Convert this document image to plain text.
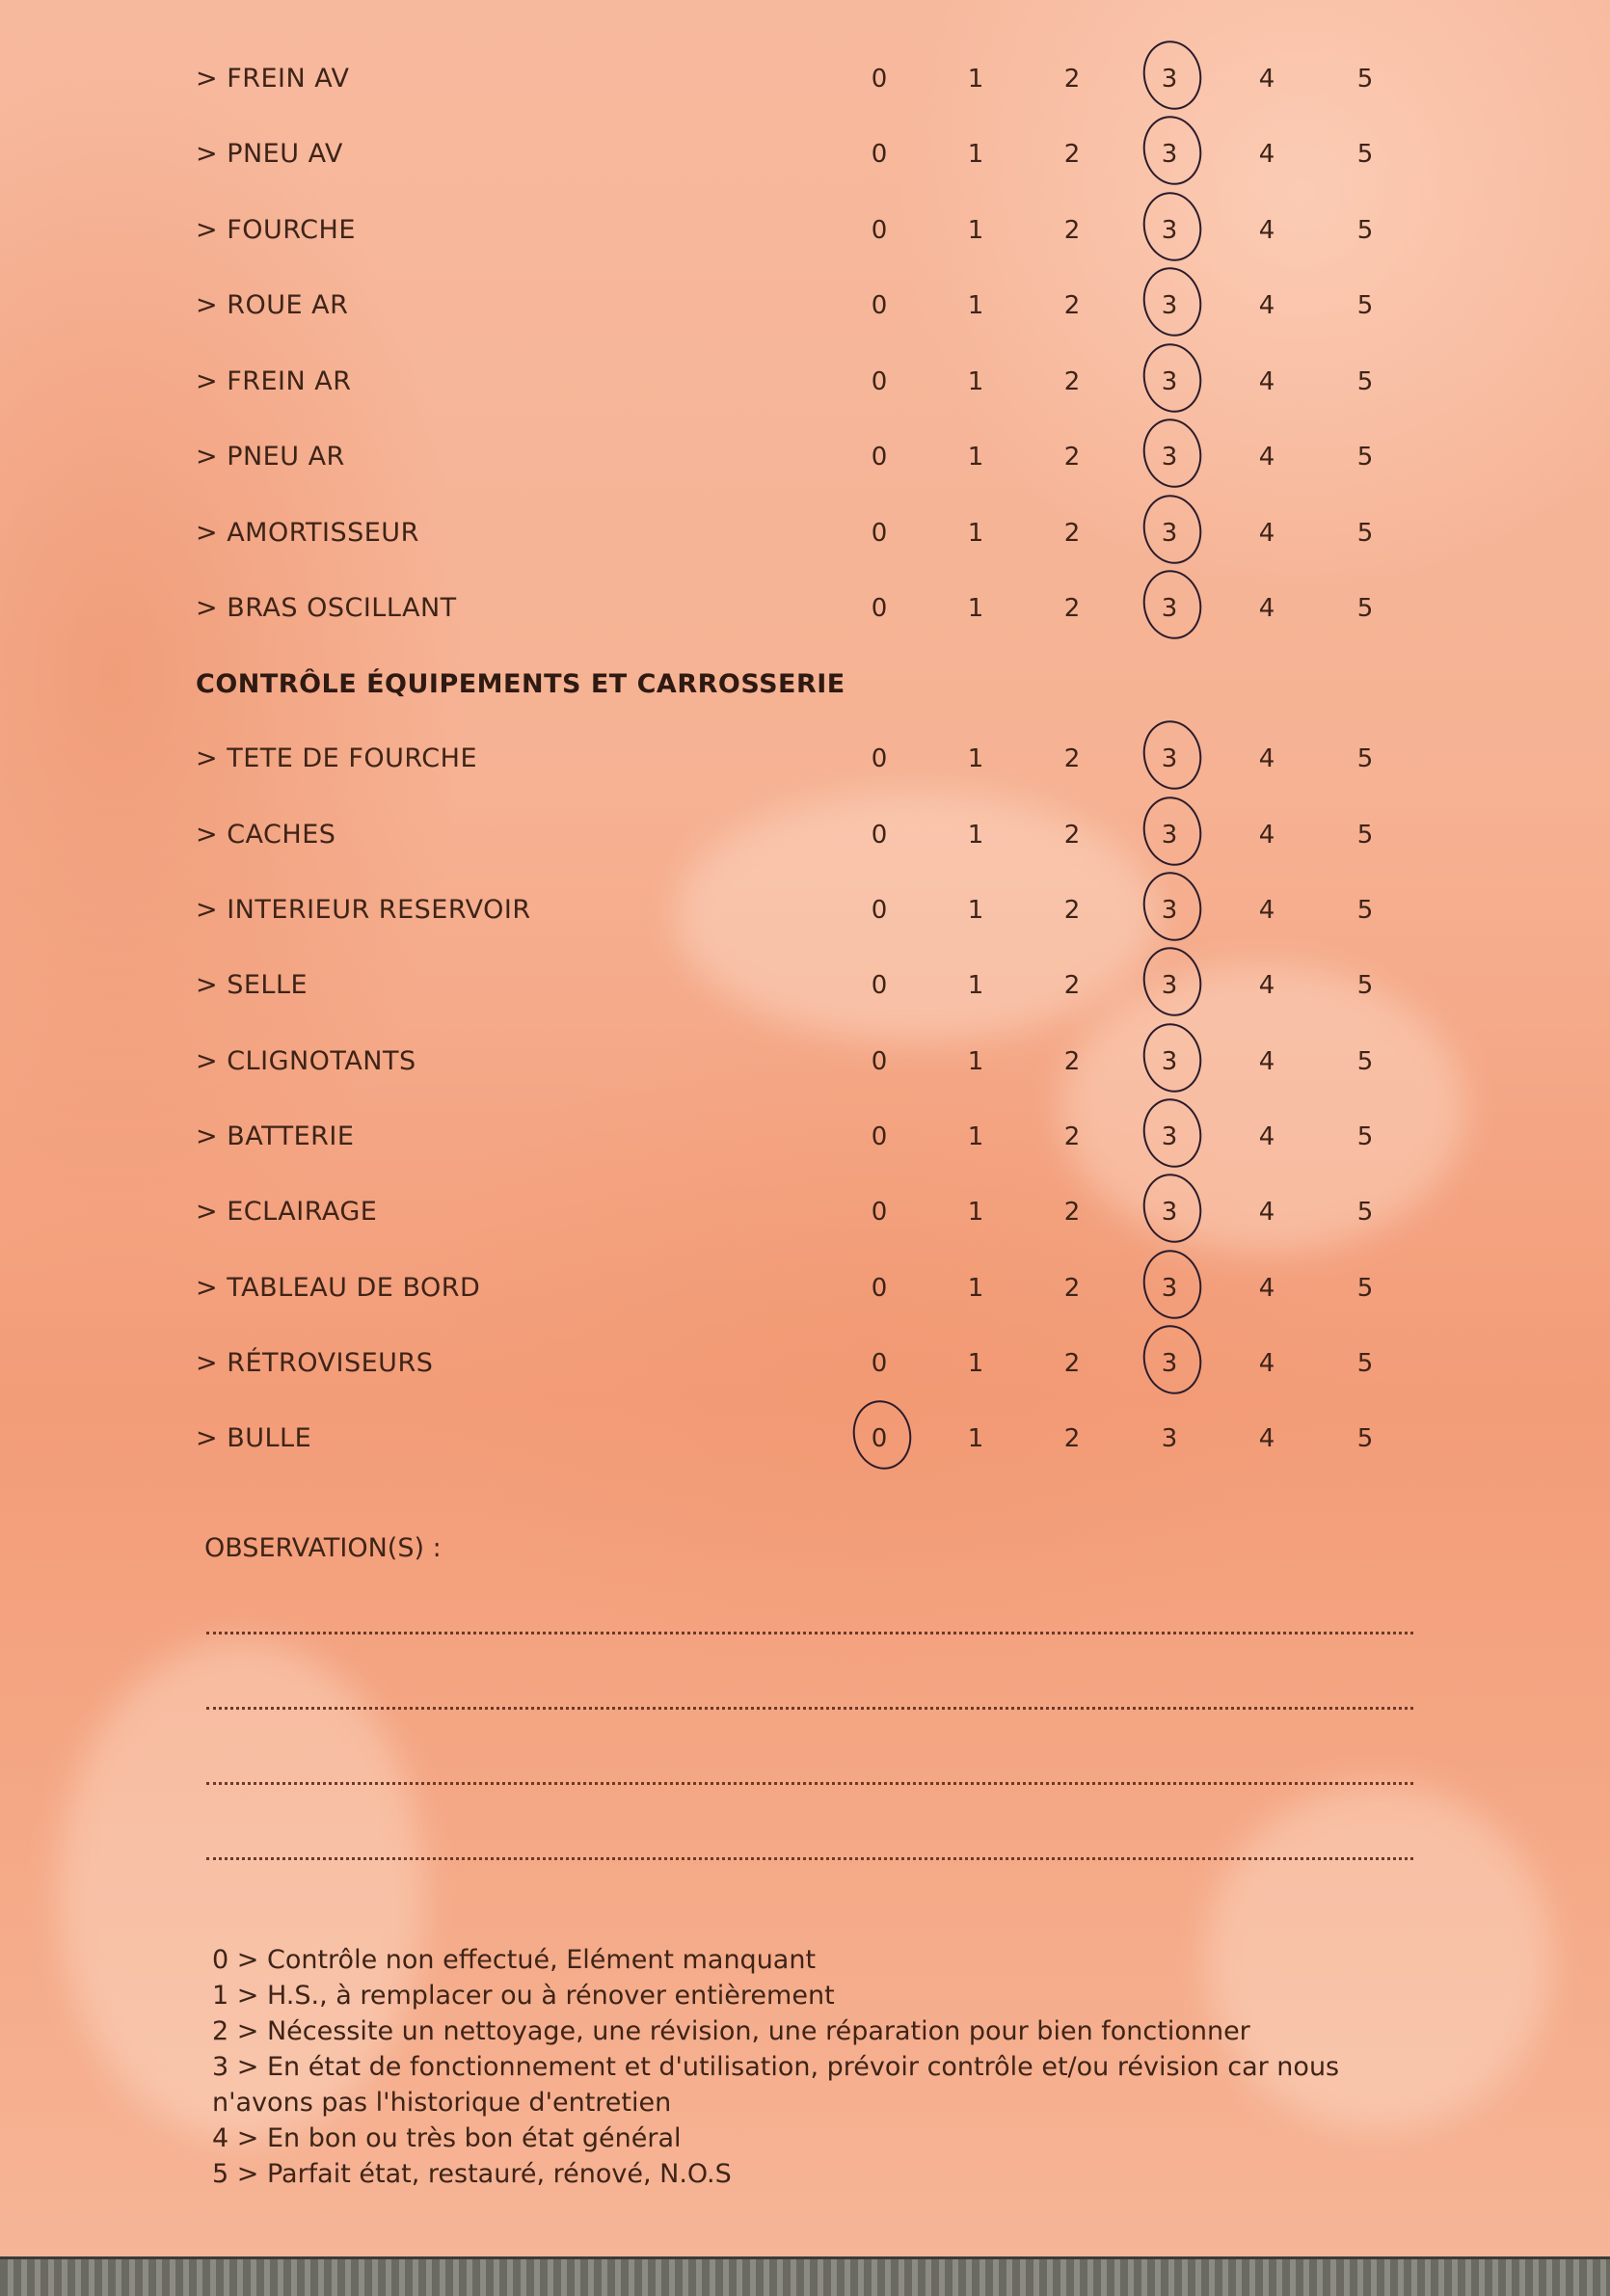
> FREIN AV	0	1	2	3	4	5
> PNEU AV	0	1	2	3	4	5
> FOURCHE	0	1	2	3	4	5
> ROUE AR	0	1	2	3	4	5
> FREIN AR	0	1	2	3	4	5
> PNEU AR	0	1	2	3	4	5
> AMORTISSEUR	0	1	2	3	4	5
> BRAS OSCILLANT	0	1	2	3	4	5
> TETE DE FOURCHE	0	1	2	3	4	5
> CACHES	0	1	2	3	4	5
> INTERIEUR RESERVOIR	0	1	2	3	4	5
> SELLE	0	1	2	3	4	5
> CLIGNOTANTS	0	1	2	3	4	5
> BATTERIE	0	1	2	3	4	5
> ECLAIRAGE	0	1	2	3	4	5
> TABLEAU DE BORD	0	1	2	3	4	5
> RÉTROVISEURS	0	1	2	3	4	5
> BULLE	0	1	2	3	4	5
CONTRÔLE ÉQUIPEMENTS ET CARROSSERIE
OBSERVATION(S) :
0 > Contrôle non effectué, Elément manquant
1 > H.S., à remplacer ou à rénover entièrement
2 > Nécessite un nettoyage, une révision, une réparation pour bien fonctionner
3 > En état de fonctionnement et d'utilisation, prévoir contrôle et/ou révision car nous n'avons pas l'historique d'entretien
4 > En bon ou très bon état général
5 > Parfait état, restauré, rénové, N.O.S
